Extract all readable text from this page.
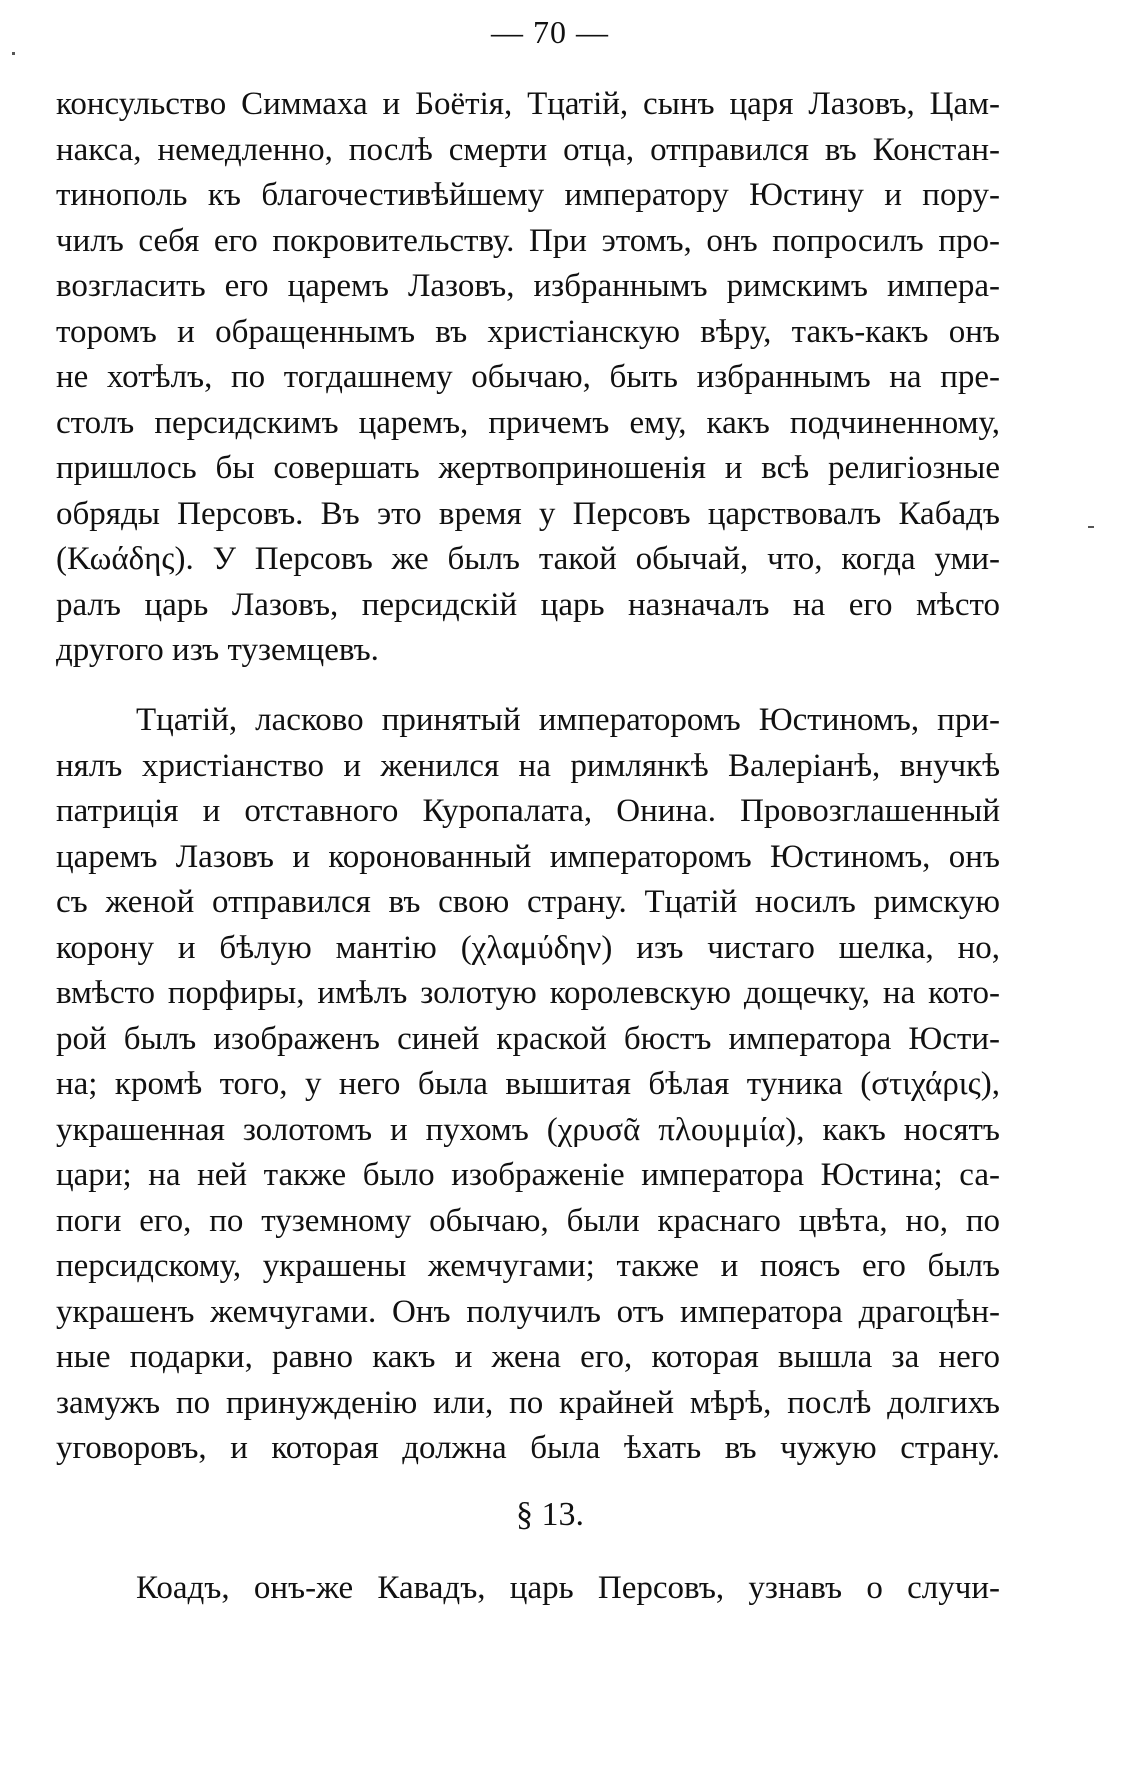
— 70 —
консульство Симмаха и Боëтія, Тцатій, сынъ царя Лазовъ, Цам-
накса, немедленно, послѣ смерти отца, отправился въ Констан-
тинополь къ благочестивѣйшему императору Юстину и пору-
чилъ себя его покровительству. При этомъ, онъ попросилъ про-
возгласить его царемъ Лазовъ, избраннымъ римскимъ импера-
торомъ и обращеннымъ въ христіанскую вѣру, такъ-какъ онъ
не хотѣлъ, по тогдашнему обычаю, быть избраннымъ на пре-
столъ персидскимъ царемъ, причемъ ему, какъ подчиненному,
пришлось бы совершать жертвоприношенія и всѣ религіозные
обряды Персовъ. Въ это время у Персовъ царствовалъ Кабадъ
(Κωάδης). У Персовъ же былъ такой обычай, что, когда уми-
ралъ царь Лазовъ, персидскій царь назначалъ на его мѣсто
другого изъ туземцевъ.
Тцатій, ласково принятый императоромъ Юстиномъ, при-
нялъ христіанство и женился на римлянкѣ Валеріанѣ, внучкѣ
патриція и отставного Куропалата, Онина. Провозглашенный
царемъ Лазовъ и коронованный императоромъ Юстиномъ, онъ
съ женой отправился въ свою страну. Тцатій носилъ римскую
корону и бѣлую мантію (χλαμύδην) изъ чистаго шелка, но,
вмѣсто порфиры, имѣлъ золотую королевскую дощечку, на кото-
рой былъ изображенъ синей краской бюстъ императора Юсти-
на; кромѣ того, у него была вышитая бѣлая туника (στιχάρις),
украшенная золотомъ и пухомъ (χρυσᾶ πλουμμία), какъ носятъ
цари; на ней также было изображеніе императора Юстина; са-
поги его, по туземному обычаю, были краснаго цвѣта, но, по
персидскому, украшены жемчугами; также и поясъ его былъ
украшенъ жемчугами. Онъ получилъ отъ императора драгоцѣн-
ные подарки, равно какъ и жена его, которая вышла за него
замужъ по принужденію или, по крайней мѣрѣ, послѣ долгихъ
уговоровъ, и которая должна была ѣхать въ чужую страну.
§ 13.
Коадъ, онъ-же Кавадъ, царь Персовъ, узнавъ о случи-
